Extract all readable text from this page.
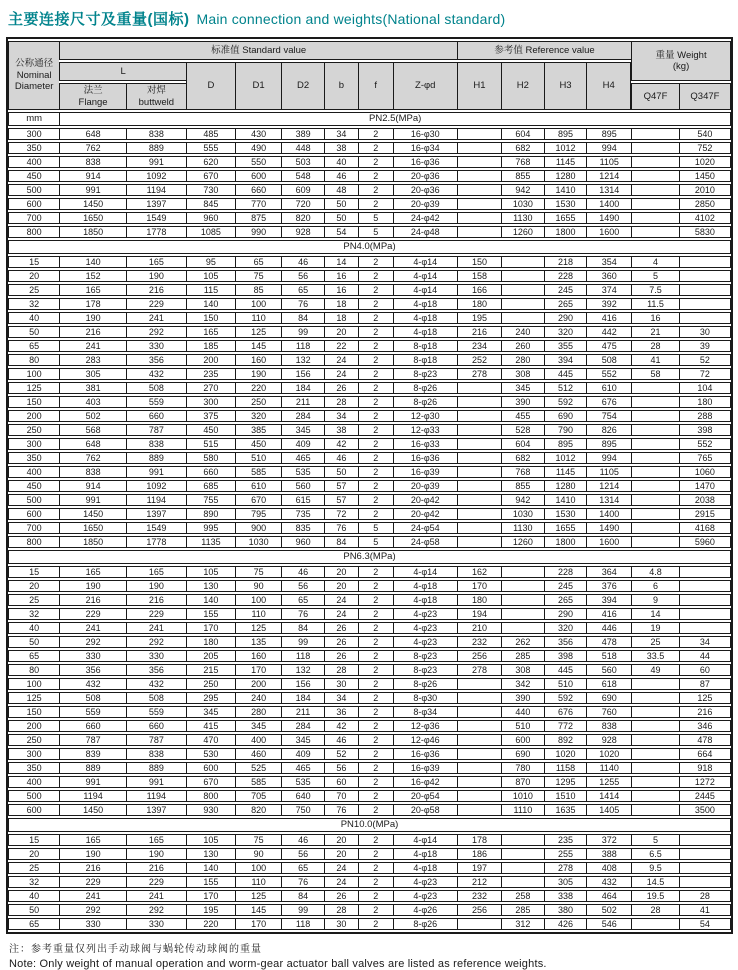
主要连接尺寸及重量(国标) Main connection and weights(National standard)
公称通径
Nominal
Diameter	标准值 Standard value								参考值 Reference value				重量 Weight
(kg)	

	L		D	D1	D2	b	f	Z-φd	H1	H2	H3	H4		

	法兰
Flange	对焊
buttweld											Q47F	Q347F
mm	PN2.5(MPa)													
300	648	838	485	430	389	34	2	16-φ30		604	895	895		540
350	762	889	555	490	448	38	2	16-φ34		682	1012	994		752
400	838	991	620	550	503	40	2	16-φ36		768	1145	1105		1020
450	914	1092	670	600	548	46	2	20-φ36		855	1280	1214		1450
500	991	1194	730	660	609	48	2	20-φ36		942	1410	1314		2010
600	1450	1397	845	770	720	50	2	20-φ39		1030	1530	1400		2850
700	1650	1549	960	875	820	50	5	24-φ42		1130	1655	1490		4102
800	1850	1778	1085	990	928	54	5	24-φ48		1260	1800	1600		5830
PN4.0(MPa)														
15	140	165	95	65	46	14	2	4-φ14	150		218	354	4	
20	152	190	105	75	56	16	2	4-φ14	158		228	360	5	
25	165	216	115	85	65	16	2	4-φ14	166		245	374	7.5	
32	178	229	140	100	76	18	2	4-φ18	180		265	392	11.5	
40	190	241	150	110	84	18	2	4-φ18	195		290	416	16	
50	216	292	165	125	99	20	2	4-φ18	216	240	320	442	21	30
65	241	330	185	145	118	22	2	8-φ18	234	260	355	475	28	39
80	283	356	200	160	132	24	2	8-φ18	252	280	394	508	41	52
100	305	432	235	190	156	24	2	8-φ23	278	308	445	552	58	72
125	381	508	270	220	184	26	2	8-φ26		345	512	610		104
150	403	559	300	250	211	28	2	8-φ26		390	592	676		180
200	502	660	375	320	284	34	2	12-φ30		455	690	754		288
250	568	787	450	385	345	38	2	12-φ33		528	790	826		398
300	648	838	515	450	409	42	2	16-φ33		604	895	895		552
350	762	889	580	510	465	46	2	16-φ36		682	1012	994		765
400	838	991	660	585	535	50	2	16-φ39		768	1145	1105		1060
450	914	1092	685	610	560	57	2	20-φ39		855	1280	1214		1470
500	991	1194	755	670	615	57	2	20-φ42		942	1410	1314		2038
600	1450	1397	890	795	735	72	2	20-φ42		1030	1530	1400		2915
700	1650	1549	995	900	835	76	5	24-φ54		1130	1655	1490		4168
800	1850	1778	1135	1030	960	84	5	24-φ58		1260	1800	1600		5960
PN6.3(MPa)														
15	165	165	105	75	46	20	2	4-φ14	162		228	364	4.8	
20	190	190	130	90	56	20	2	4-φ18	170		245	376	6	
25	216	216	140	100	65	24	2	4-φ18	180		265	394	9	
32	229	229	155	110	76	24	2	4-φ23	194		290	416	14	
40	241	241	170	125	84	26	2	4-φ23	210		320	446	19	
50	292	292	180	135	99	26	2	4-φ23	232	262	356	478	25	34
65	330	330	205	160	118	26	2	8-φ23	256	285	398	518	33.5	44
80	356	356	215	170	132	28	2	8-φ23	278	308	445	560	49	60
100	432	432	250	200	156	30	2	8-φ26		342	510	618		87
125	508	508	295	240	184	34	2	8-φ30		390	592	690		125
150	559	559	345	280	211	36	2	8-φ34		440	676	760		216
200	660	660	415	345	284	42	2	12-φ36		510	772	838		346
250	787	787	470	400	345	46	2	12-φ46		600	892	928		478
300	839	838	530	460	409	52	2	16-φ36		690	1020	1020		664
350	889	889	600	525	465	56	2	16-φ39		780	1158	1140		918
400	991	991	670	585	535	60	2	16-φ42		870	1295	1255		1272
500	1194	1194	800	705	640	70	2	20-φ54		1010	1510	1414		2445
600	1450	1397	930	820	750	76	2	20-φ58		1110	1635	1405		3500
PN10.0(MPa)														
15	165	165	105	75	46	20	2	4-φ14	178		235	372	5	
20	190	190	130	90	56	20	2	4-φ18	186		255	388	6.5	
25	216	216	140	100	65	24	2	4-φ18	197		278	408	9.5	
32	229	229	155	110	76	24	2	4-φ23	212		305	432	14.5	
40	241	241	170	125	84	26	2	4-φ23	232	258	338	464	19.5	28
50	292	292	195	145	99	28	2	4-φ26	256	285	380	502	28	41
65	330	330	220	170	118	30	2	8-φ26		312	426	546		54
注：参考重量仅列出手动球阀与蜗轮传动球阀的重量
Note: Only weight of manual operation and worm-gear actuator ball valves are listed as reference weights.
